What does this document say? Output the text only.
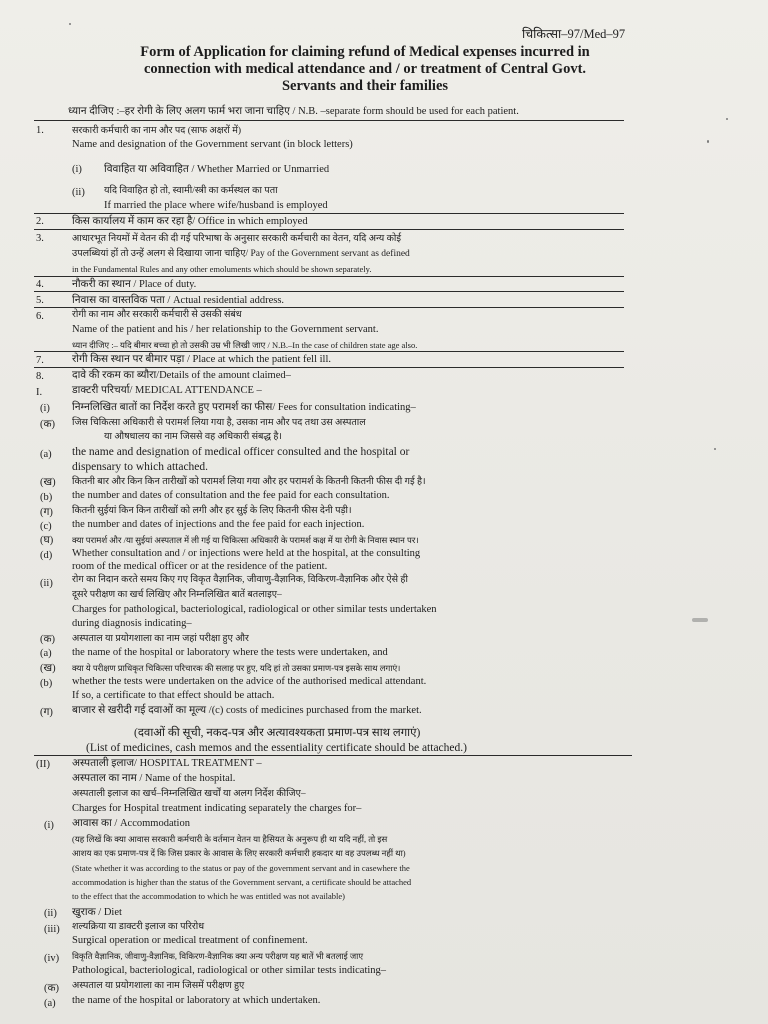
चिकित्सा–97/Med–97
Form of Application for claiming refund of Medical expenses incurred in
connection with medical attendance and / or treatment of Central Govt.
Servants and their families
ध्यान दीजिए :–हर रोगी के लिए अलग फार्म भरा जाना चाहिए / N.B. –separate form should be used for each patient.
1.	सरकारी कर्मचारी का नाम और पद (साफ अक्षरों में)
Name and designation of the Government servant (in block letters)
(i) विवाहित या अविवाहित / Whether Married or Unmarried
(ii) यदि विवाहित हो तो, स्वामी/स्त्री का कर्मस्थल का पता
If married the place where wife/husband is employed
2.	किस कार्यालय में काम कर रहा है/ Office in which employed
3.	आधारभूत नियमों में वेतन की दी गई परिभाषा के अनुसार सरकारी कर्मचारी का वेतन, यदि अन्य कोई
उपलब्धियां हों तो उन्हें अलग से दिखाया जाना चाहिए/ Pay of the Government servant as defined
in the Fundamental Rules and any other emoluments which should be shown separately.
4.	नौकरी का स्थान / Place of duty.
5.	निवास का वास्तविक पता / Actual residential address.
6.	रोगी का नाम और सरकारी कर्मचारी से उसकी संबंध
Name of the patient and his / her relationship to the Government servant.
ध्यान दीजिए :– यदि बीमार बच्चा हो तो उसकी उम्र भी लिखी जाए / N.B.–In the case of children state age also.
7.	रोगी किस स्थान पर बीमार पड़ा / Place at which the patient fell ill.
8.	दावे की रकम का ब्यौरा/Details of the amount claimed–
I.	डाक्टरी परिचर्या/ MEDICAL ATTENDANCE –
(i) निम्नलिखित बातों का निर्देश करते हुए परामर्श का फीस/ Fees for consultation indicating–
(क) जिस चिकित्सा अधिकारी से परामर्श लिया गया है, उसका नाम और पद तथा उस अस्पताल
या औषधालय का नाम जिससे वह अधिकारी संबद्ध है।
(a) the name and designation of medical officer consulted and the hospital or
dispensary to which attached.
(ख) कितनी बार और किन किन तारीखों को परामर्श लिया गया और हर परामर्श के कितनी कितनी फीस दी गई है।
(b) the number and dates of consultation and the fee paid for each consultation.
(ग) कितनी सुईयां किन किन तारीखों को लगी और हर सुई के लिए कितनी फीस देनी पड़ी।
(c) the number and dates of injections and the fee paid for each injection.
(घ) क्या परामर्श और /या सुईयां अस्पताल में ली गई या चिकित्सा अधिकारी के परामर्श कक्ष में या रोगी के निवास स्थान पर।
(d) Whether consultation and / or injections were held at the hospital, at the consulting
room of the medical officer or at the residence of the patient.
(ii) रोग का निदान करते समय किए गए विकृत वैज्ञानिक, जीवाणु-वैज्ञानिक, विकिरण-वैज्ञानिक और ऐसे ही
दूसरे परीक्षण का खर्च लिखिए और निम्नलिखित बातें बतलाइए–
Charges for pathological, bacteriological, radiological or other similar tests undertaken
during diagnosis indicating–
(क) अस्पताल या प्रयोगशाला का नाम जहां परीक्षा हुए और
(a) the name of the hospital or laboratory where the tests were undertaken, and
(ख) क्या ये परीक्षण प्राधिकृत चिकित्सा परिचारक की सलाह पर हुए, यदि हां तो उसका प्रमाण-पत्र इसके साथ लगाएं।
(b) whether the tests were undertaken on the advice of the authorised medical attendant.
If so, a certificate to that effect should be attach.
(ग) बाजार से खरीदी गई दवाओं का मूल्य /(c) costs of medicines purchased from the market.
(दवाओं की सूची, नकद-पत्र और अत्यावश्यकता प्रमाण-पत्र साथ लगाएं)
(List of medicines, cash memos and the essentiality certificate should be attached.)
(II) अस्पताली इलाज/ HOSPITAL TREATMENT –
अस्पताल का नाम / Name of the hospital.
अस्पताली इलाज का खर्च–निम्नलिखित खर्चों या अलग निर्देश कीजिए–
Charges for Hospital treatment indicating separately the charges for–
(i) आवास का / Accommodation
(यह लिखें कि क्या आवास सरकारी कर्मचारी के वर्तमान वेतन या हैसियत के अनुरूप ही था यदि नहीं, तो इस
आशय का एक प्रमाण-पत्र दें कि जिस प्रकार के आवास के लिए सरकारी कर्मचारी हकदार था वह उपलब्ध नहीं था)
(State whether it was according to the status or pay of the government servant and in casewhere the
accommodation is higher than the status of the Government servant, a certificate should be attached
to the effect that the accommodation to which he was entitled was not available)
(ii) खुराक / Diet
(iii) शल्यक्रिया या डाक्टरी इलाज का परिरोध
Surgical operation or medical treatment of confinement.
(iv) विकृति वैज्ञानिक, जीवाणु-वैज्ञानिक, विकिरण-वैज्ञानिक क्या अन्य परीक्षण यह बातें भी बतलाई जाए
Pathological, bacteriological, radiological or other similar tests indicating–
(क) अस्पताल या प्रयोगशाला का नाम जिसमें परीक्षण हुए
(a) the name of the hospital or laboratory at which undertaken.
